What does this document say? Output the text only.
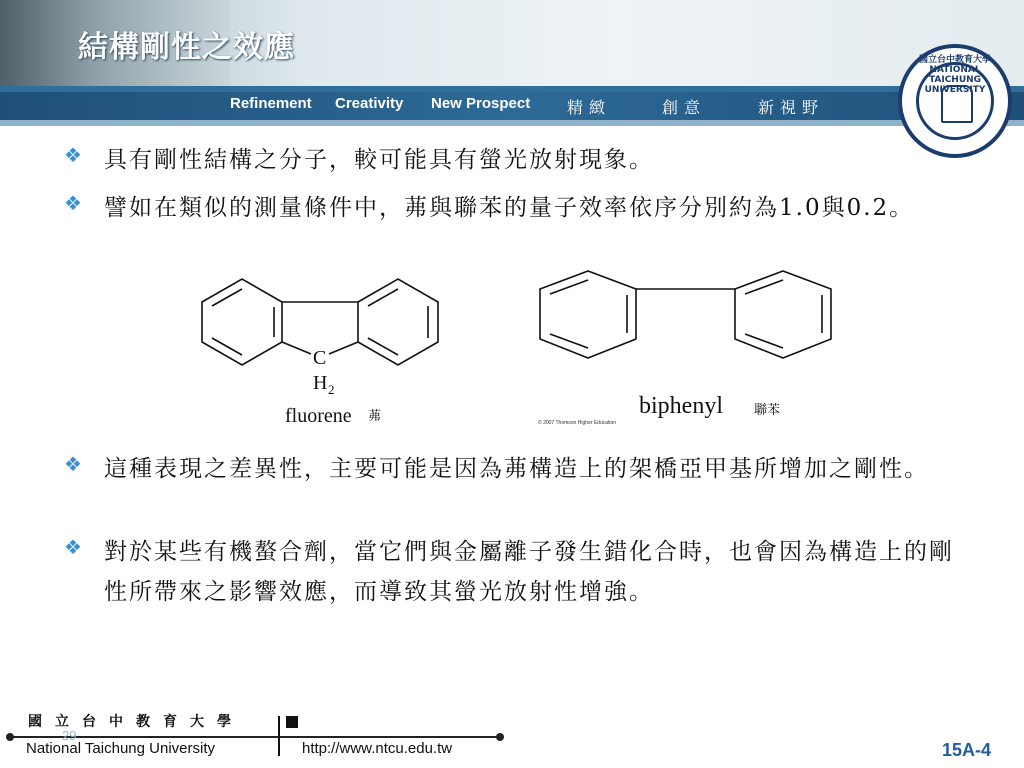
結構剛性之效應
Refinement Creativity New Prospect 精緻	創意	新視野
國立台中教育大學 NATIONAL TAICHUNG UNIVERSITY
❖ 具有剛性結構之分子，較可能具有螢光放射現象。
❖ 譬如在類似的測量條件中，茀與聯苯的量子效率依序分別約為1.0與0.2。
❖ 這種表現之差異性，主要可能是因為茀構造上的架橋亞甲基所增加之剛性。
❖ 對於某些有機螯合劑，當它們與金屬離子發生錯化合時，也會因為構造上的剛性所帶來之影響效應，而導致其螢光放射性增強。
C
H 2
fluorene 茀	biphenyl 聯苯
© 2007 Thomson Higher Education
國立台中教育大學
National Taichung University	http://www.ntcu.edu.tw
29
15A-4
